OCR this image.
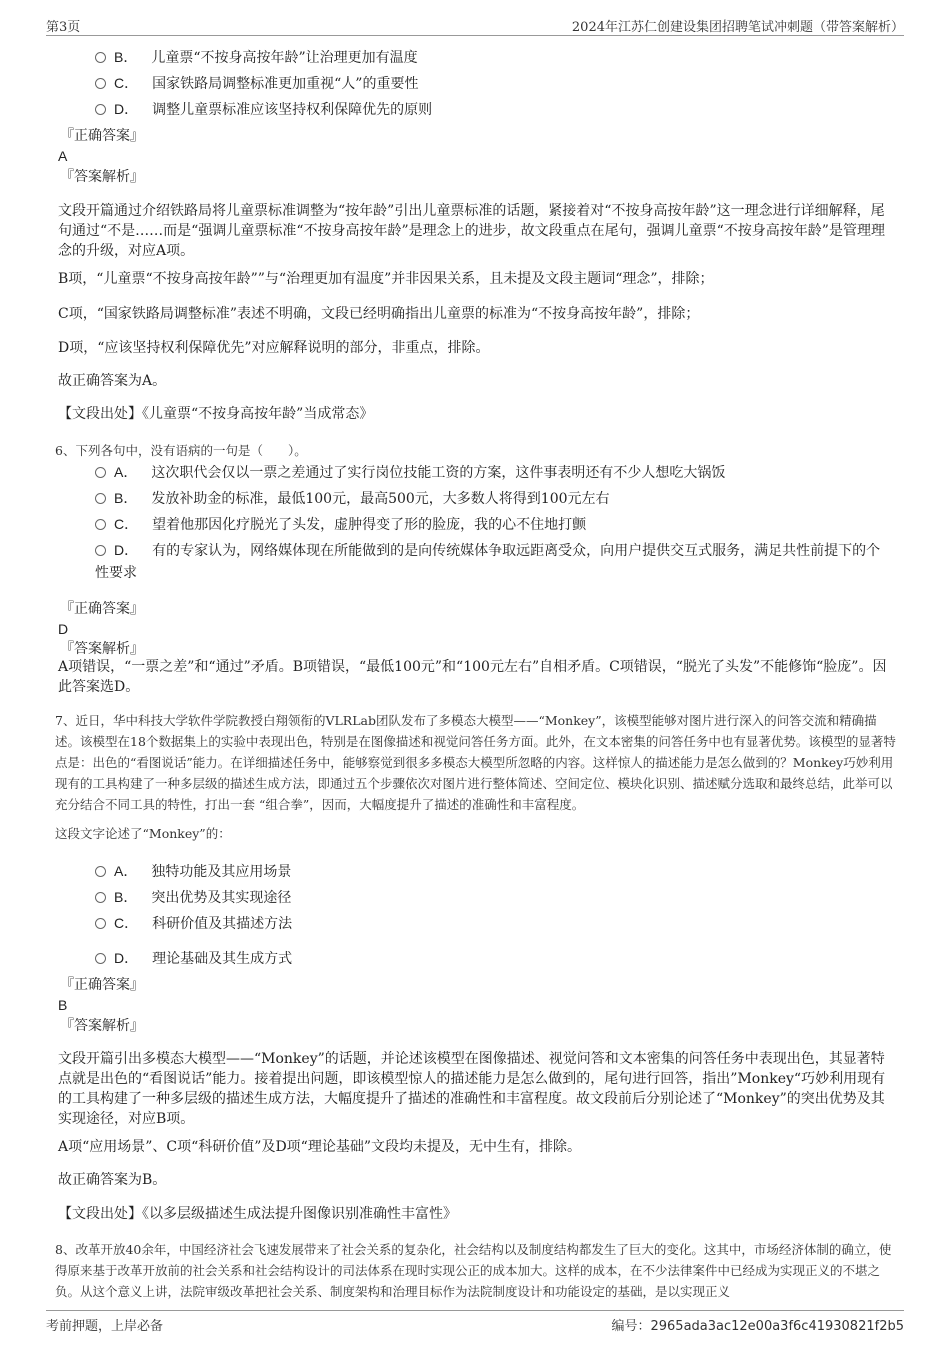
第3页	2024年江苏仁创建设集团招聘笔试冲刺题（带答案解析）
B． 儿童票“不按身高按年龄”让治理更加有温度
C． 国家铁路局调整标准更加重视“人”的重要性
D． 调整儿童票标准应该坚持权利保障优先的原则
『正确答案』
A
『答案解析』
文段开篇通过介绍铁路局将儿童票标准调整为“按年龄”引出儿童票标准的话题，紧接着对“不按身高按年龄”这一理念进行详细解释，尾句通过“不是……而是“强调儿童票标准“不按身高按年龄”是理念上的进步，故文段重点在尾句，强调儿童票“不按身高按年龄”是管理理念的升级，对应A项。
B项，“儿童票“不按身高按年龄””与“治理更加有温度”并非因果关系，且未提及文段主题词“理念”，排除；
C项，“国家铁路局调整标准”表述不明确，文段已经明确指出儿童票的标准为“不按身高按年龄”，排除；
D项，“应该坚持权利保障优先”对应解释说明的部分，非重点，排除。
故正确答案为A。
【文段出处】《儿童票“不按身高按年龄”当成常态》
6、下列各句中，没有语病的一句是（　　）。
A． 这次职代会仅以一票之差通过了实行岗位技能工资的方案，这件事表明还有不少人想吃大锅饭
B． 发放补助金的标准，最低100元，最高500元，大多数人将得到100元左右
C． 望着他那因化疗脱光了头发，虚肿得变了形的脸庞，我的心不住地打颤
D． 有的专家认为，网络媒体现在所能做到的是向传统媒体争取远距离受众，向用户提供交互式服务，满足共性前提下的个性要求
『正确答案』
D
『答案解析』
A项错误，“一票之差”和“通过”矛盾。B项错误，“最低100元”和“100元左右”自相矛盾。C项错误，“脱光了头发”不能修饰“脸庞”。因此答案选D。
7、近日，华中科技大学软件学院教授白翔领衔的VLRLab团队发布了多模态大模型——“Monkey”，该模型能够对图片进行深入的问答交流和精确描述。该模型在18个数据集上的实验中表现出色，特别是在图像描述和视觉问答任务方面。此外，在文本密集的问答任务中也有显著优势。该模型的显著特点是：出色的“看图说话”能力。在详细描述任务中，能够察觉到很多多模态大模型所忽略的内容。这样惊人的描述能力是怎么做到的？Monkey巧妙利用现有的工具构建了一种多层级的描述生成方法，即通过五个步骤依次对图片进行整体简述、空间定位、模块化识别、描述赋分选取和最终总结，此举可以充分结合不同工具的特性，打出一套 “组合拳”，因而，大幅度提升了描述的准确性和丰富程度。
这段文字论述了“Monkey”的：
A． 独特功能及其应用场景
B． 突出优势及其实现途径
C． 科研价值及其描述方法
D． 理论基础及其生成方式
『正确答案』
B
『答案解析』
文段开篇引出多模态大模型——“Monkey”的话题，并论述该模型在图像描述、视觉问答和文本密集的问答任务中表现出色，其显著特点就是出色的“看图说话”能力。接着提出问题，即该模型惊人的描述能力是怎么做到的，尾句进行回答，指出”Monkey“巧妙利用现有的工具构建了一种多层级的描述生成方法，大幅度提升了描述的准确性和丰富程度。故文段前后分别论述了“Monkey”的突出优势及其实现途径，对应B项。
A项“应用场景”、C项“科研价值”及D项“理论基础”文段均未提及，无中生有，排除。
故正确答案为B。
【文段出处】《以多层级描述生成法提升图像识别准确性丰富性》
8、改革开放40余年，中国经济社会飞速发展带来了社会关系的复杂化，社会结构以及制度结构都发生了巨大的变化。这其中，市场经济体制的确立，使得原来基于改革开放前的社会关系和社会结构设计的司法体系在现时实现公正的成本加大。这样的成本，在不少法律案件中已经成为实现正义的不堪之负。从这个意义上讲，法院审级改革把社会关系、制度架构和治理目标作为法院制度设计和功能设定的基础，是以实现正义
考前押题，上岸必备	编号：2965ada3ac12e00a3f6c41930821f2b5
